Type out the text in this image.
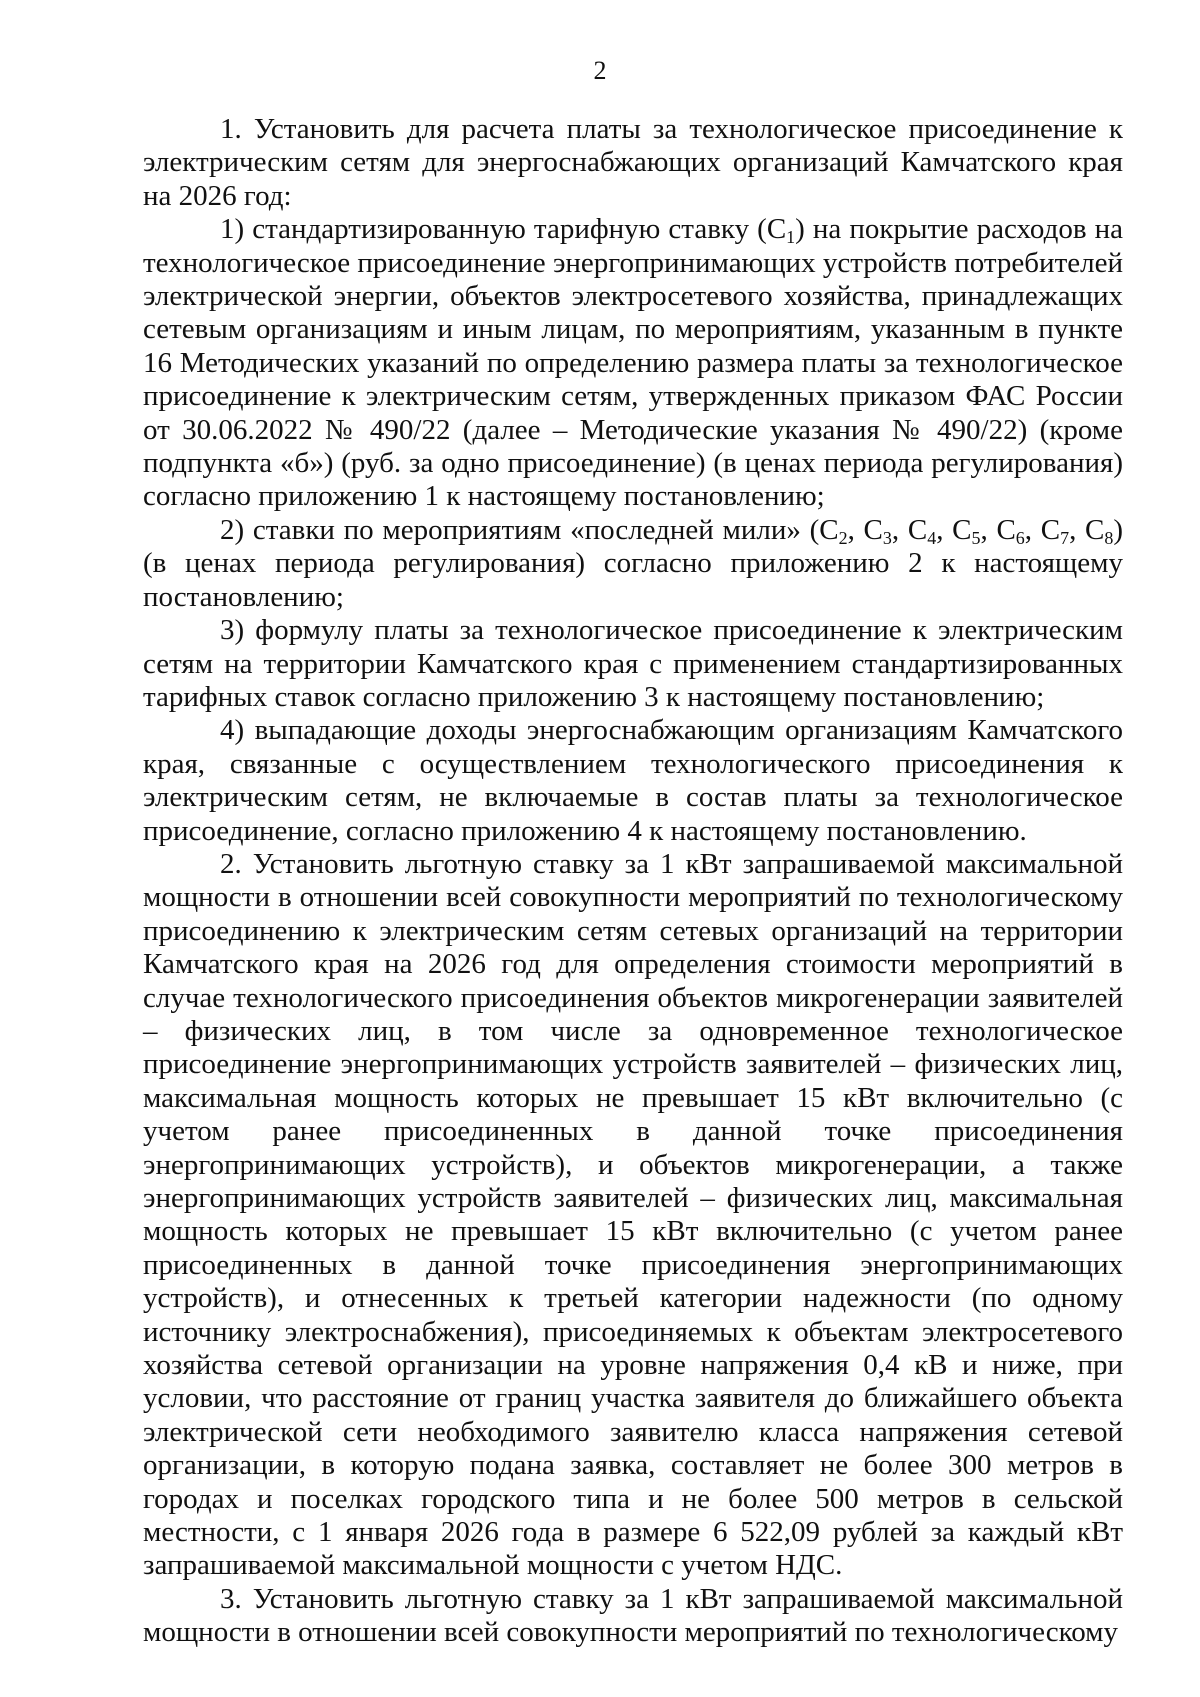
2

1. Установить для расчета платы за технологическое присоединение к электрическим сетям для энергоснабжающих организаций Камчатского края на 2026 год:

1) стандартизированную тарифную ставку $(С_1)$ на покрытие расходов на технологическое присоединение энергопринимающих устройств потребителей электрической энергии, объектов электросетевого хозяйства, принадлежащих сетевым организациям и иным лицам, по мероприятиям, указанным в пункте 16 Методических указаний по определению размера платы за технологическое присоединение к электрическим сетям, утвержденных приказом ФАС России от 30.06.2022 № 490/22 (далее – Методические указания № 490/22) (кроме подпункта «б») (руб. за одно присоединение) (в ценах периода регулирования) согласно приложению 1 к настоящему постановлению;

2) ставки по мероприятиям «последней мили» ($С_2$, $С_3$, $С_4$, $С_5$, $С_6$, $С_7$, $С_8$) (в ценах периода регулирования) согласно приложению 2 к настоящему постановлению;

3) формулу платы за технологическое присоединение к электрическим сетям на территории Камчатского края с применением стандартизированных тарифных ставок согласно приложению 3 к настоящему постановлению;

4) выпадающие доходы энергоснабжающим организациям Камчатского края, связанные с осуществлением технологического присоединения к электрическим сетям, не включаемые в состав платы за технологическое присоединение, согласно приложению 4 к настоящему постановлению.

2. Установить льготную ставку за 1 кВт запрашиваемой максимальной мощности в отношении всей совокупности мероприятий по технологическому присоединению к электрическим сетям сетевых организаций на территории Камчатского края на 2026 год для определения стоимости мероприятий в случае технологического присоединения объектов микрогенерации заявителей – физических лиц, в том числе за одновременное технологическое присоединение энергопринимающих устройств заявителей – физических лиц, максимальная мощность которых не превышает 15 кВт включительно (с учетом ранее присоединенных в данной точке присоединения энергопринимающих устройств), и объектов микрогенерации, а также энергопринимающих устройств заявителей – физических лиц, максимальная мощность которых не превышает 15 кВт включительно (с учетом ранее присоединенных в данной точке присоединения энергопринимающих устройств), и отнесенных к третьей категории надежности (по одному источнику электроснабжения), присоединяемых к объектам электросетевого хозяйства сетевой организации на уровне напряжения 0,4 кВ и ниже, при условии, что расстояние от границ участка заявителя до ближайшего объекта электрической сети необходимого заявителю класса напряжения сетевой организации, в которую подана заявка, составляет не более 300 метров в городах и поселках городского типа и не более 500 метров в сельской местности, с 1 января 2026 года в размере 6 522,09 рублей за каждый кВт запрашиваемой максимальной мощности с учетом НДС.

3. Установить льготную ставку за 1 кВт запрашиваемой максимальной мощности в отношении всей совокупности мероприятий по технологическому
